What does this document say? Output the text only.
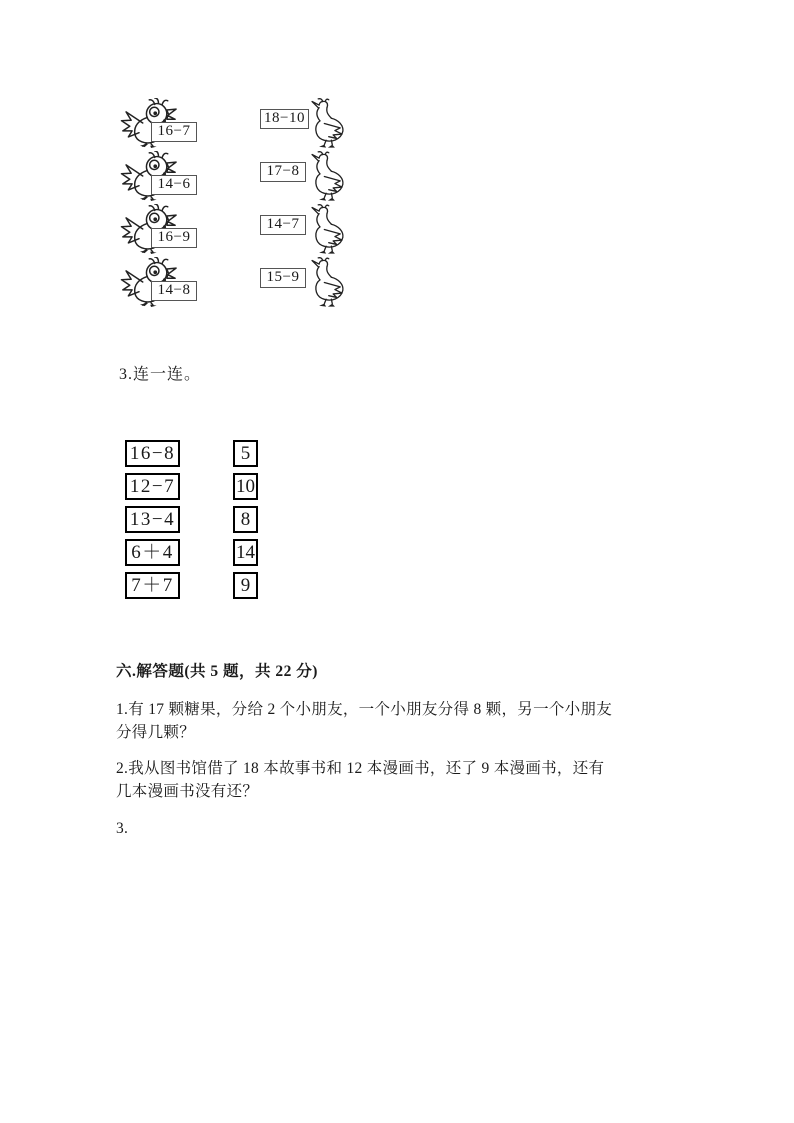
16−7
18−10
14−6
17−8
16−9
14−7
14−8
15−9
3.连一连。
16−8
12−7
13−4
6＋4
7＋7
5
10
8
14
9
六.解答题(共 5 题，共 22 分)

1.有 17 颗糖果，分给 2 个小朋友，一个小朋友分得 8 颗，另一个小朋友分得几颗？

2.我从图书馆借了 18 本故事书和 12 本漫画书，还了 9 本漫画书，还有几本漫画书没有还？

3.
